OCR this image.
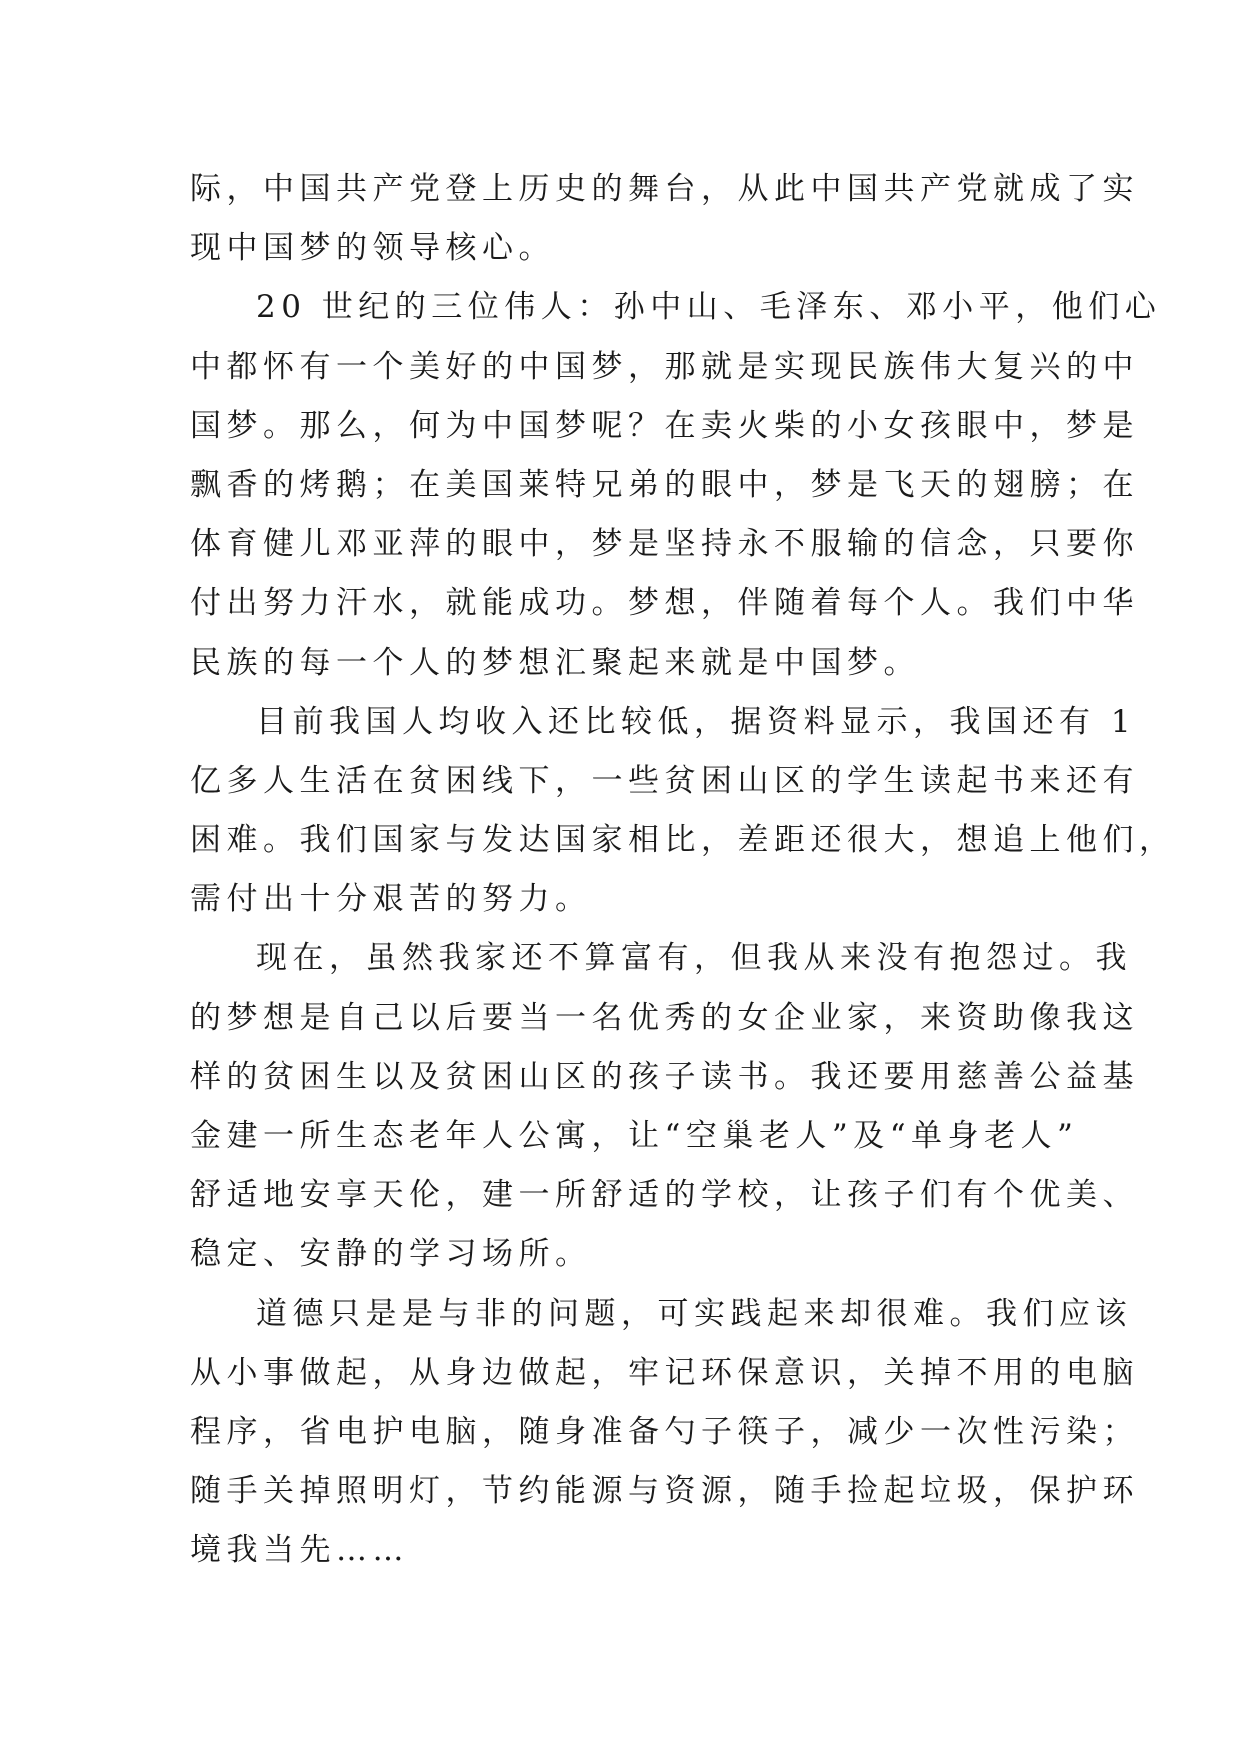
际，中国共产党登上历史的舞台，从此中国共产党就成了实
现中国梦的领导核心。
20 世纪的三位伟人：孙中山、毛泽东、邓小平，他们心
中都怀有一个美好的中国梦，那就是实现民族伟大复兴的中
国梦。那么，何为中国梦呢？在卖火柴的小女孩眼中，梦是
飘香的烤鹅；在美国莱特兄弟的眼中，梦是飞天的翅膀；在
体育健儿邓亚萍的眼中，梦是坚持永不服输的信念，只要你
付出努力汗水，就能成功。梦想，伴随着每个人。我们中华
民族的每一个人的梦想汇聚起来就是中国梦。
目前我国人均收入还比较低，据资料显示，我国还有 1
亿多人生活在贫困线下，一些贫困山区的学生读起书来还有
困难。我们国家与发达国家相比，差距还很大，想追上他们，
需付出十分艰苦的努力。
现在，虽然我家还不算富有，但我从来没有抱怨过。我
的梦想是自己以后要当一名优秀的女企业家，来资助像我这
样的贫困生以及贫困山区的孩子读书。我还要用慈善公益基
金建一所生态老年人公寓，让“空巢老人”及“单身老人”
舒适地安享天伦，建一所舒适的学校，让孩子们有个优美、
稳定、安静的学习场所。
道德只是是与非的问题，可实践起来却很难。我们应该
从小事做起，从身边做起，牢记环保意识，关掉不用的电脑
程序，省电护电脑，随身准备勺子筷子，减少一次性污染；
随手关掉照明灯，节约能源与资源，随手捡起垃圾，保护环
境我当先……
